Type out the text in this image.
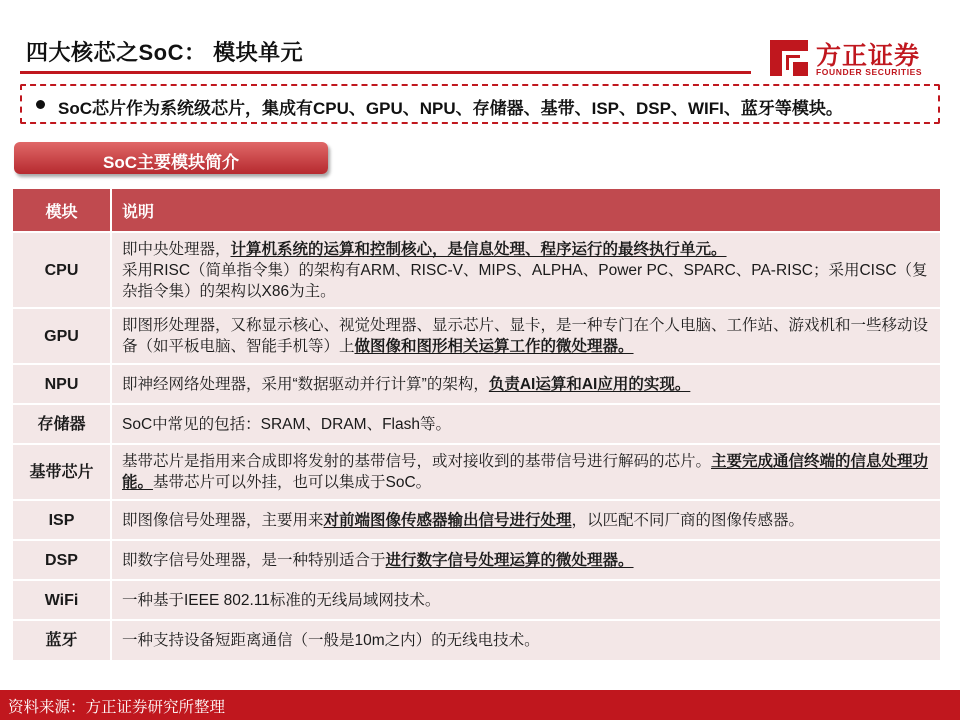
四大核芯之SoC： 模块单元	方正证券
FOUNDER SECURITIES
SoC芯片作为系统级芯片，集成有CPU、GPU、NPU、存储器、基带、ISP、DSP、WIFI、蓝牙等模块。
SoC主要模块简介
模块	说明
CPU	即中央处理器，计算机系统的运算和控制核心，是信息处理、程序运行的最终执行单元。
采用RISC（简单指令集）的架构有ARM、RISC-V、MIPS、ALPHA、Power PC、SPARC、PA-RISC；采用CISC（复杂指令集）的架构以X86为主。
GPU	即图形处理器，又称显示核心、视觉处理器、显示芯片、显卡，是一种专门在个人电脑、工作站、游戏机和一些移动设备（如平板电脑、智能手机等）上做图像和图形相关运算工作的微处理器。
NPU	即神经网络处理器，采用“数据驱动并行计算”的架构，负责AI运算和AI应用的实现。
存储器	SoC中常见的包括：SRAM、DRAM、Flash等。
基带芯片	基带芯片是指用来合成即将发射的基带信号，或对接收到的基带信号进行解码的芯片。主要完成通信终端的信息处理功能。基带芯片可以外挂，也可以集成于SoC。
ISP	即图像信号处理器，主要用来对前端图像传感器输出信号进行处理，以匹配不同厂商的图像传感器。
DSP	即数字信号处理器，是一种特别适合于进行数字信号处理运算的微处理器。
WiFi	一种基于IEEE 802.11标准的无线局域网技术。
蓝牙	一种支持设备短距离通信（一般是10m之内）的无线电技术。
资料来源：方正证券研究所整理
